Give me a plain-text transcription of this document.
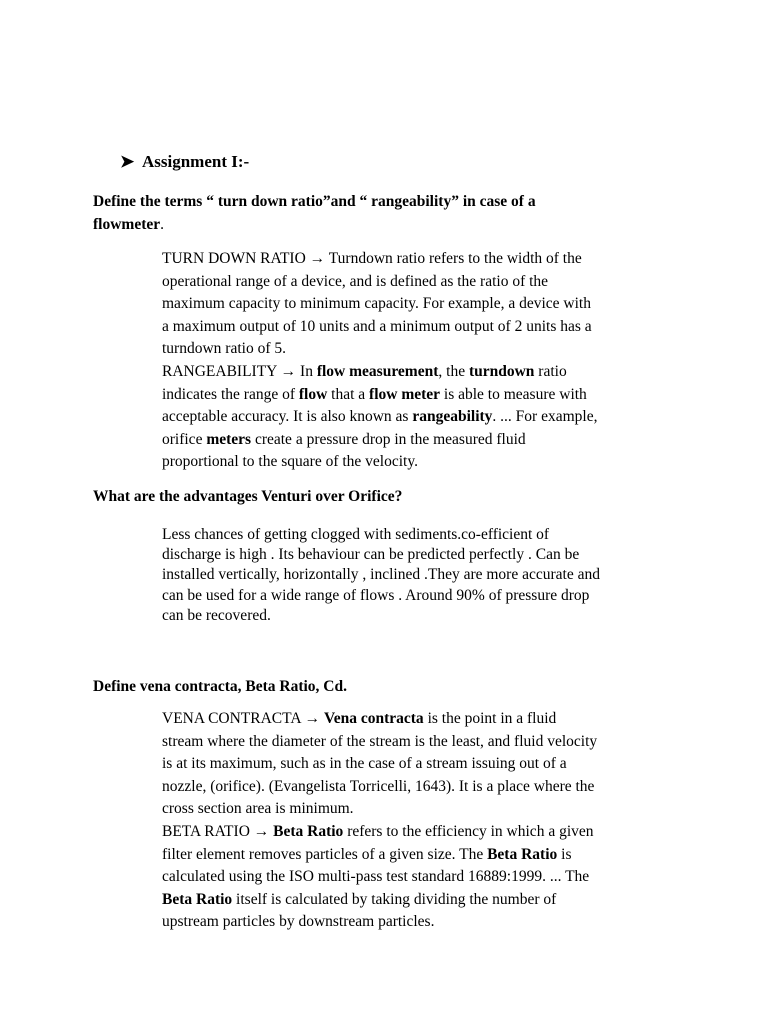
➤ Assignment I:-
Define the terms “ turn down ratio”and “ rangeability” in case of a
flowmeter.
TURN DOWN RATIO → Turndown ratio refers to the width of the
operational range of a device, and is defined as the ratio of the
maximum capacity to minimum capacity. For example, a device with
a maximum output of 10 units and a minimum output of 2 units has a
turndown ratio of 5.
RANGEABILITY → In flow measurement, the turndown ratio
indicates the range of flow that a flow meter is able to measure with
acceptable accuracy. It is also known as rangeability. ... For example,
orifice meters create a pressure drop in the measured fluid
proportional to the square of the velocity.
What are the advantages Venturi over Orifice?
Less chances of getting clogged with sediments.co-efficient of
discharge is high . Its behaviour can be predicted perfectly . Can be
installed vertically, horizontally , inclined .They are more accurate and
can be used for a wide range of flows . Around 90% of pressure drop
can be recovered.
Define vena contracta, Beta Ratio, Cd.
VENA CONTRACTA → Vena contracta is the point in a fluid
stream where the diameter of the stream is the least, and fluid velocity
is at its maximum, such as in the case of a stream issuing out of a
nozzle, (orifice). (Evangelista Torricelli, 1643). It is a place where the
cross section area is minimum.
BETA RATIO → Beta Ratio refers to the efficiency in which a given
filter element removes particles of a given size. The Beta Ratio is
calculated using the ISO multi-pass test standard 16889:1999. ... The
Beta Ratio itself is calculated by taking dividing the number of
upstream particles by downstream particles.
